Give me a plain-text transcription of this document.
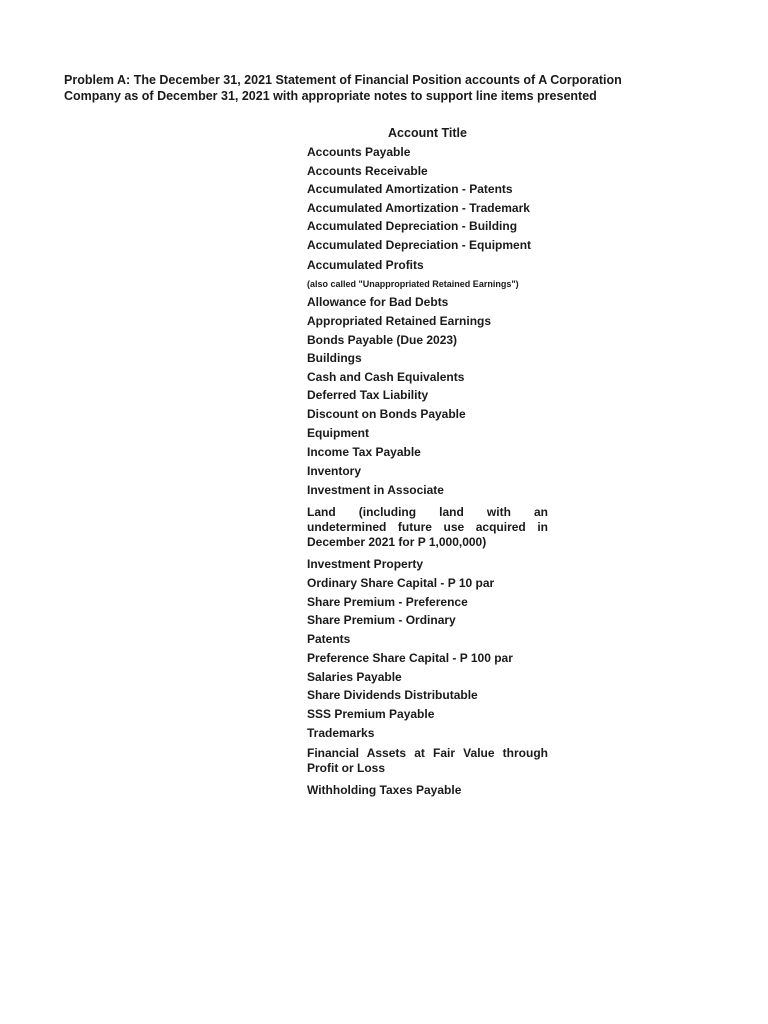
Problem A: The December 31, 2021 Statement of Financial Position accounts of A Corporation
Company as of December 31, 2021 with appropriate notes to support line items presented
Account Title
Accounts Payable
Accounts Receivable
Accumulated Amortization - Patents
Accumulated Amortization - Trademark
Accumulated Depreciation - Building
Accumulated Depreciation - Equipment
Accumulated Profits
(also called "Unappropriated Retained Earnings")
Allowance for Bad Debts
Appropriated Retained Earnings
Bonds Payable (Due 2023)
Buildings
Cash and Cash Equivalents
Deferred Tax Liability
Discount on Bonds Payable
Equipment
Income Tax Payable
Inventory
Investment in Associate
Land (including land with an undetermined future use acquired in December 2021 for P 1,000,000)
Investment Property
Ordinary Share Capital - P 10 par
Share Premium - Preference
Share Premium - Ordinary
Patents
Preference Share Capital - P 100 par
Salaries Payable
Share Dividends Distributable
SSS Premium Payable
Trademarks
Financial Assets at Fair Value through Profit or Loss
Withholding Taxes Payable
